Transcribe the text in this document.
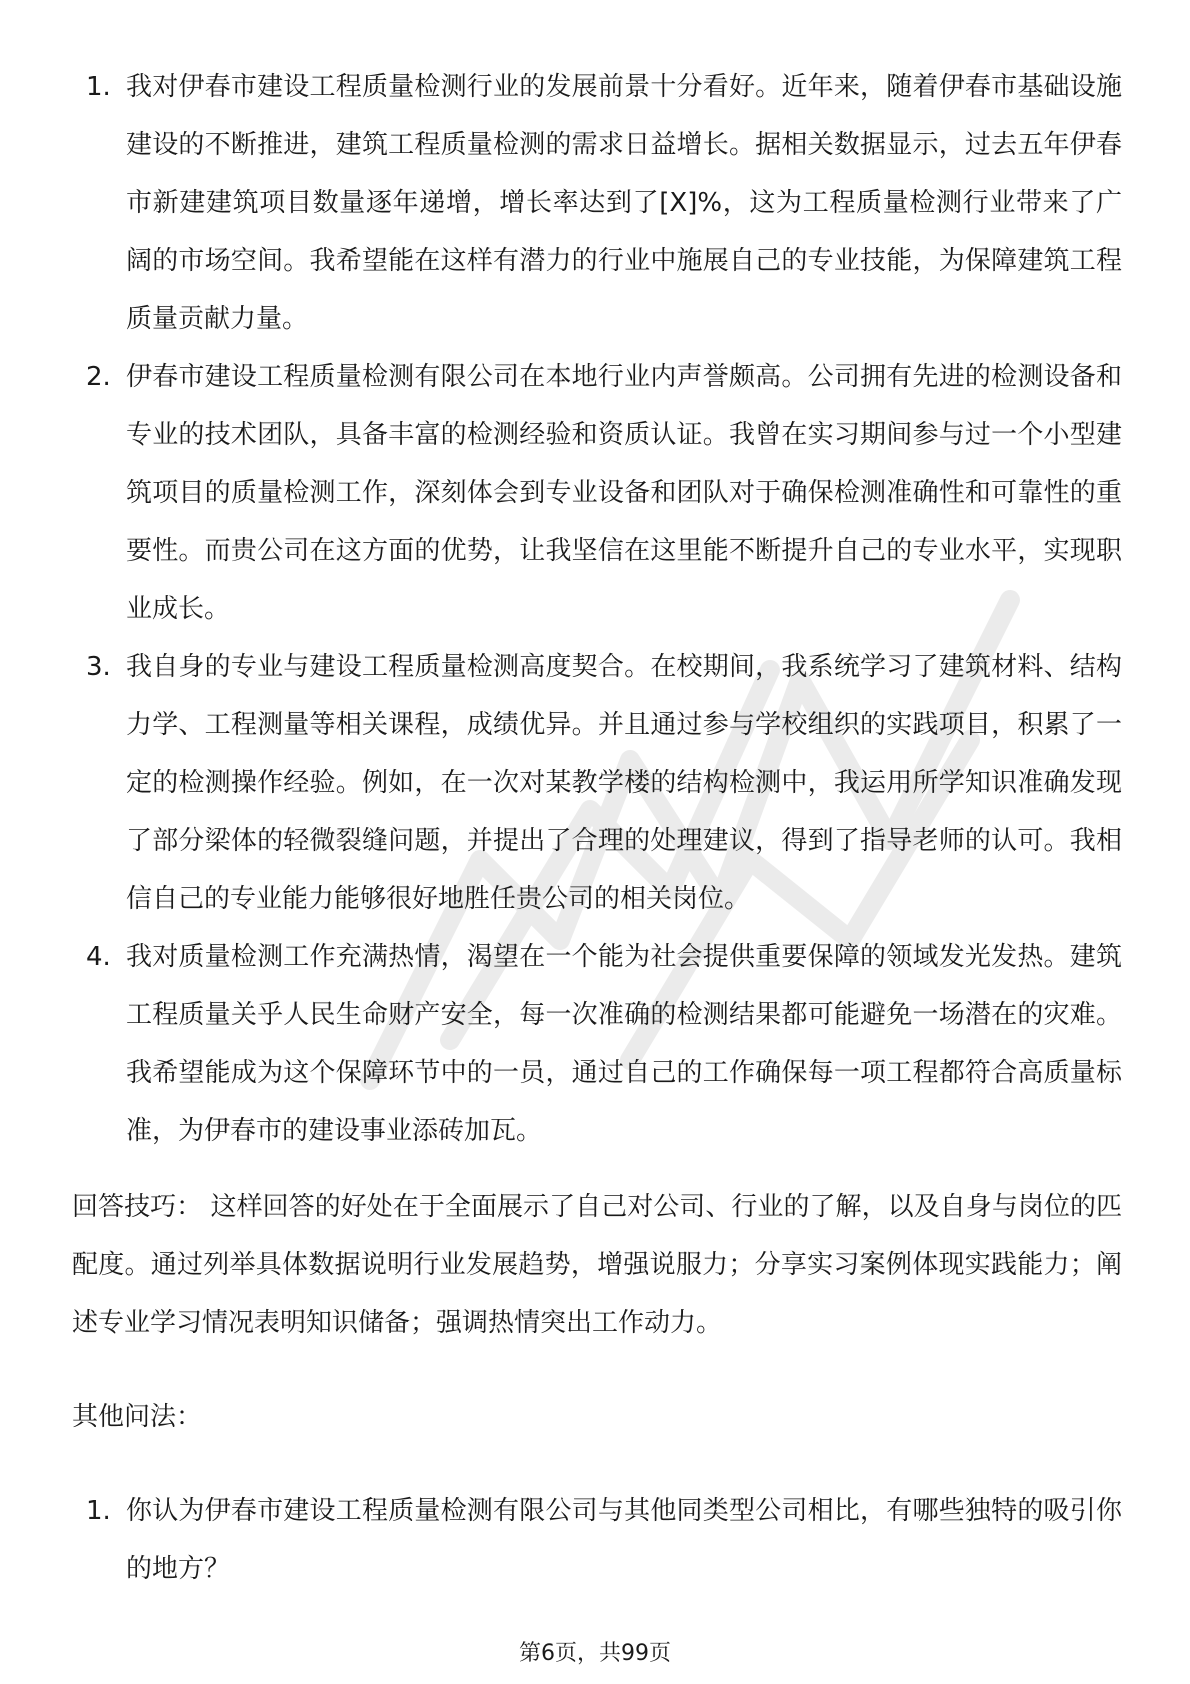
1. 我对伊春市建设工程质量检测行业的发展前景十分看好。近年来，随着伊春市基础设施建设的不断推进，建筑工程质量检测的需求日益增长。据相关数据显示，过去五年伊春市新建建筑项目数量逐年递增，增长率达到了[X]%，这为工程质量检测行业带来了广阔的市场空间。我希望能在这样有潜力的行业中施展自己的专业技能，为保障建筑工程质量贡献力量。

2. 伊春市建设工程质量检测有限公司在本地行业内声誉颇高。公司拥有先进的检测设备和专业的技术团队，具备丰富的检测经验和资质认证。我曾在实习期间参与过一个小型建筑项目的质量检测工作，深刻体会到专业设备和团队对于确保检测准确性和可靠性的重要性。而贵公司在这方面的优势，让我坚信在这里能不断提升自己的专业水平，实现职业成长。

3. 我自身的专业与建设工程质量检测高度契合。在校期间，我系统学习了建筑材料、结构力学、工程测量等相关课程，成绩优异。并且通过参与学校组织的实践项目，积累了一定的检测操作经验。例如，在一次对某教学楼的结构检测中，我运用所学知识准确发现了部分梁体的轻微裂缝问题，并提出了合理的处理建议，得到了指导老师的认可。我相信自己的专业能力能够很好地胜任贵公司的相关岗位。

4. 我对质量检测工作充满热情，渴望在一个能为社会提供重要保障的领域发光发热。建筑工程质量关乎人民生命财产安全，每一次准确的检测结果都可能避免一场潜在的灾难。我希望能成为这个保障环节中的一员，通过自己的工作确保每一项工程都符合高质量标准，为伊春市的建设事业添砖加瓦。

回答技巧： 这样回答的好处在于全面展示了自己对公司、行业的了解，以及自身与岗位的匹配度。通过列举具体数据说明行业发展趋势，增强说服力；分享实习案例体现实践能力；阐述专业学习情况表明知识储备；强调热情突出工作动力。

其他问法：

1. 你认为伊春市建设工程质量检测有限公司与其他同类型公司相比，有哪些独特的吸引你的地方？

第6页，共99页
